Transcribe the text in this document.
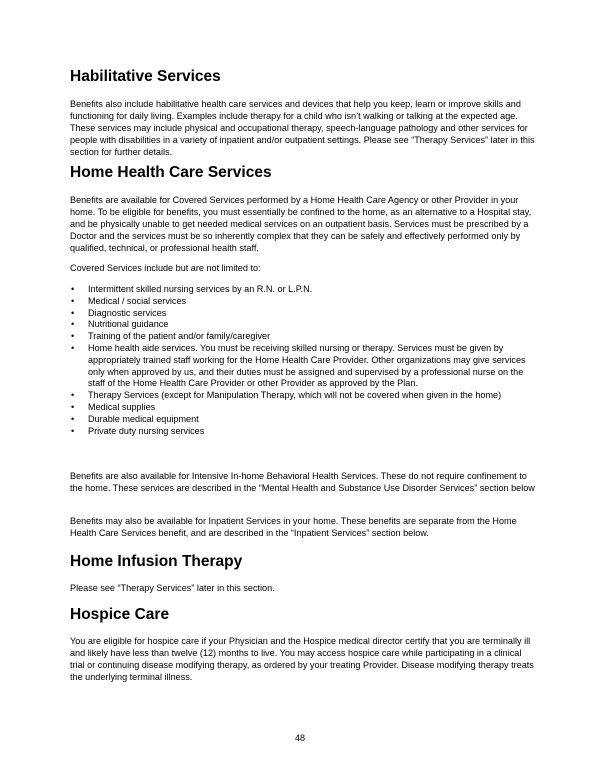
Habilitative Services

Benefits also include habilitative health care services and devices that help you keep, learn or improve skills and functioning for daily living. Examples include therapy for a child who isn’t walking or talking at the expected age. These services may include physical and occupational therapy, speech-language pathology and other services for people with disabilities in a variety of inpatient and/or outpatient settings. Please see “Therapy Services” later in this section for further details.

Home Health Care Services

Benefits are available for Covered Services performed by a Home Health Care Agency or other Provider in your home. To be eligible for benefits, you must essentially be confined to the home, as an alternative to a Hospital stay, and be physically unable to get needed medical services on an outpatient basis. Services must be prescribed by a Doctor and the services must be so inherently complex that they can be safely and effectively performed only by qualified, technical, or professional health staff.

Covered Services include but are not limited to:

• Intermittent skilled nursing services by an R.N. or L.P.N.
• Medical / social services
• Diagnostic services
• Nutritional guidance
• Training of the patient and/or family/caregiver
• Home health aide services. You must be receiving skilled nursing or therapy. Services must be given by appropriately trained staff working for the Home Health Care Provider. Other organizations may give services only when approved by us, and their duties must be assigned and supervised by a professional nurse on the staff of the Home Health Care Provider or other Provider as approved by the Plan.
• Therapy Services (except for Manipulation Therapy, which will not be covered when given in the home)
• Medical supplies
• Durable medical equipment
• Private duty nursing services

Benefits are also available for Intensive In-home Behavioral Health Services. These do not require confinement to the home. These services are described in the “Mental Health and Substance Use Disorder Services” section below

Benefits may also be available for Inpatient Services in your home. These benefits are separate from the Home Health Care Services benefit, and are described in the “Inpatient Services” section below.

Home Infusion Therapy

Please see “Therapy Services” later in this section.

Hospice Care

You are eligible for hospice care if your Physician and the Hospice medical director certify that you are terminally ill and likely have less than twelve (12) months to live. You may access hospice care while participating in a clinical trial or continuing disease modifying therapy, as ordered by your treating Provider. Disease modifying therapy treats the underlying terminal illness.

48
